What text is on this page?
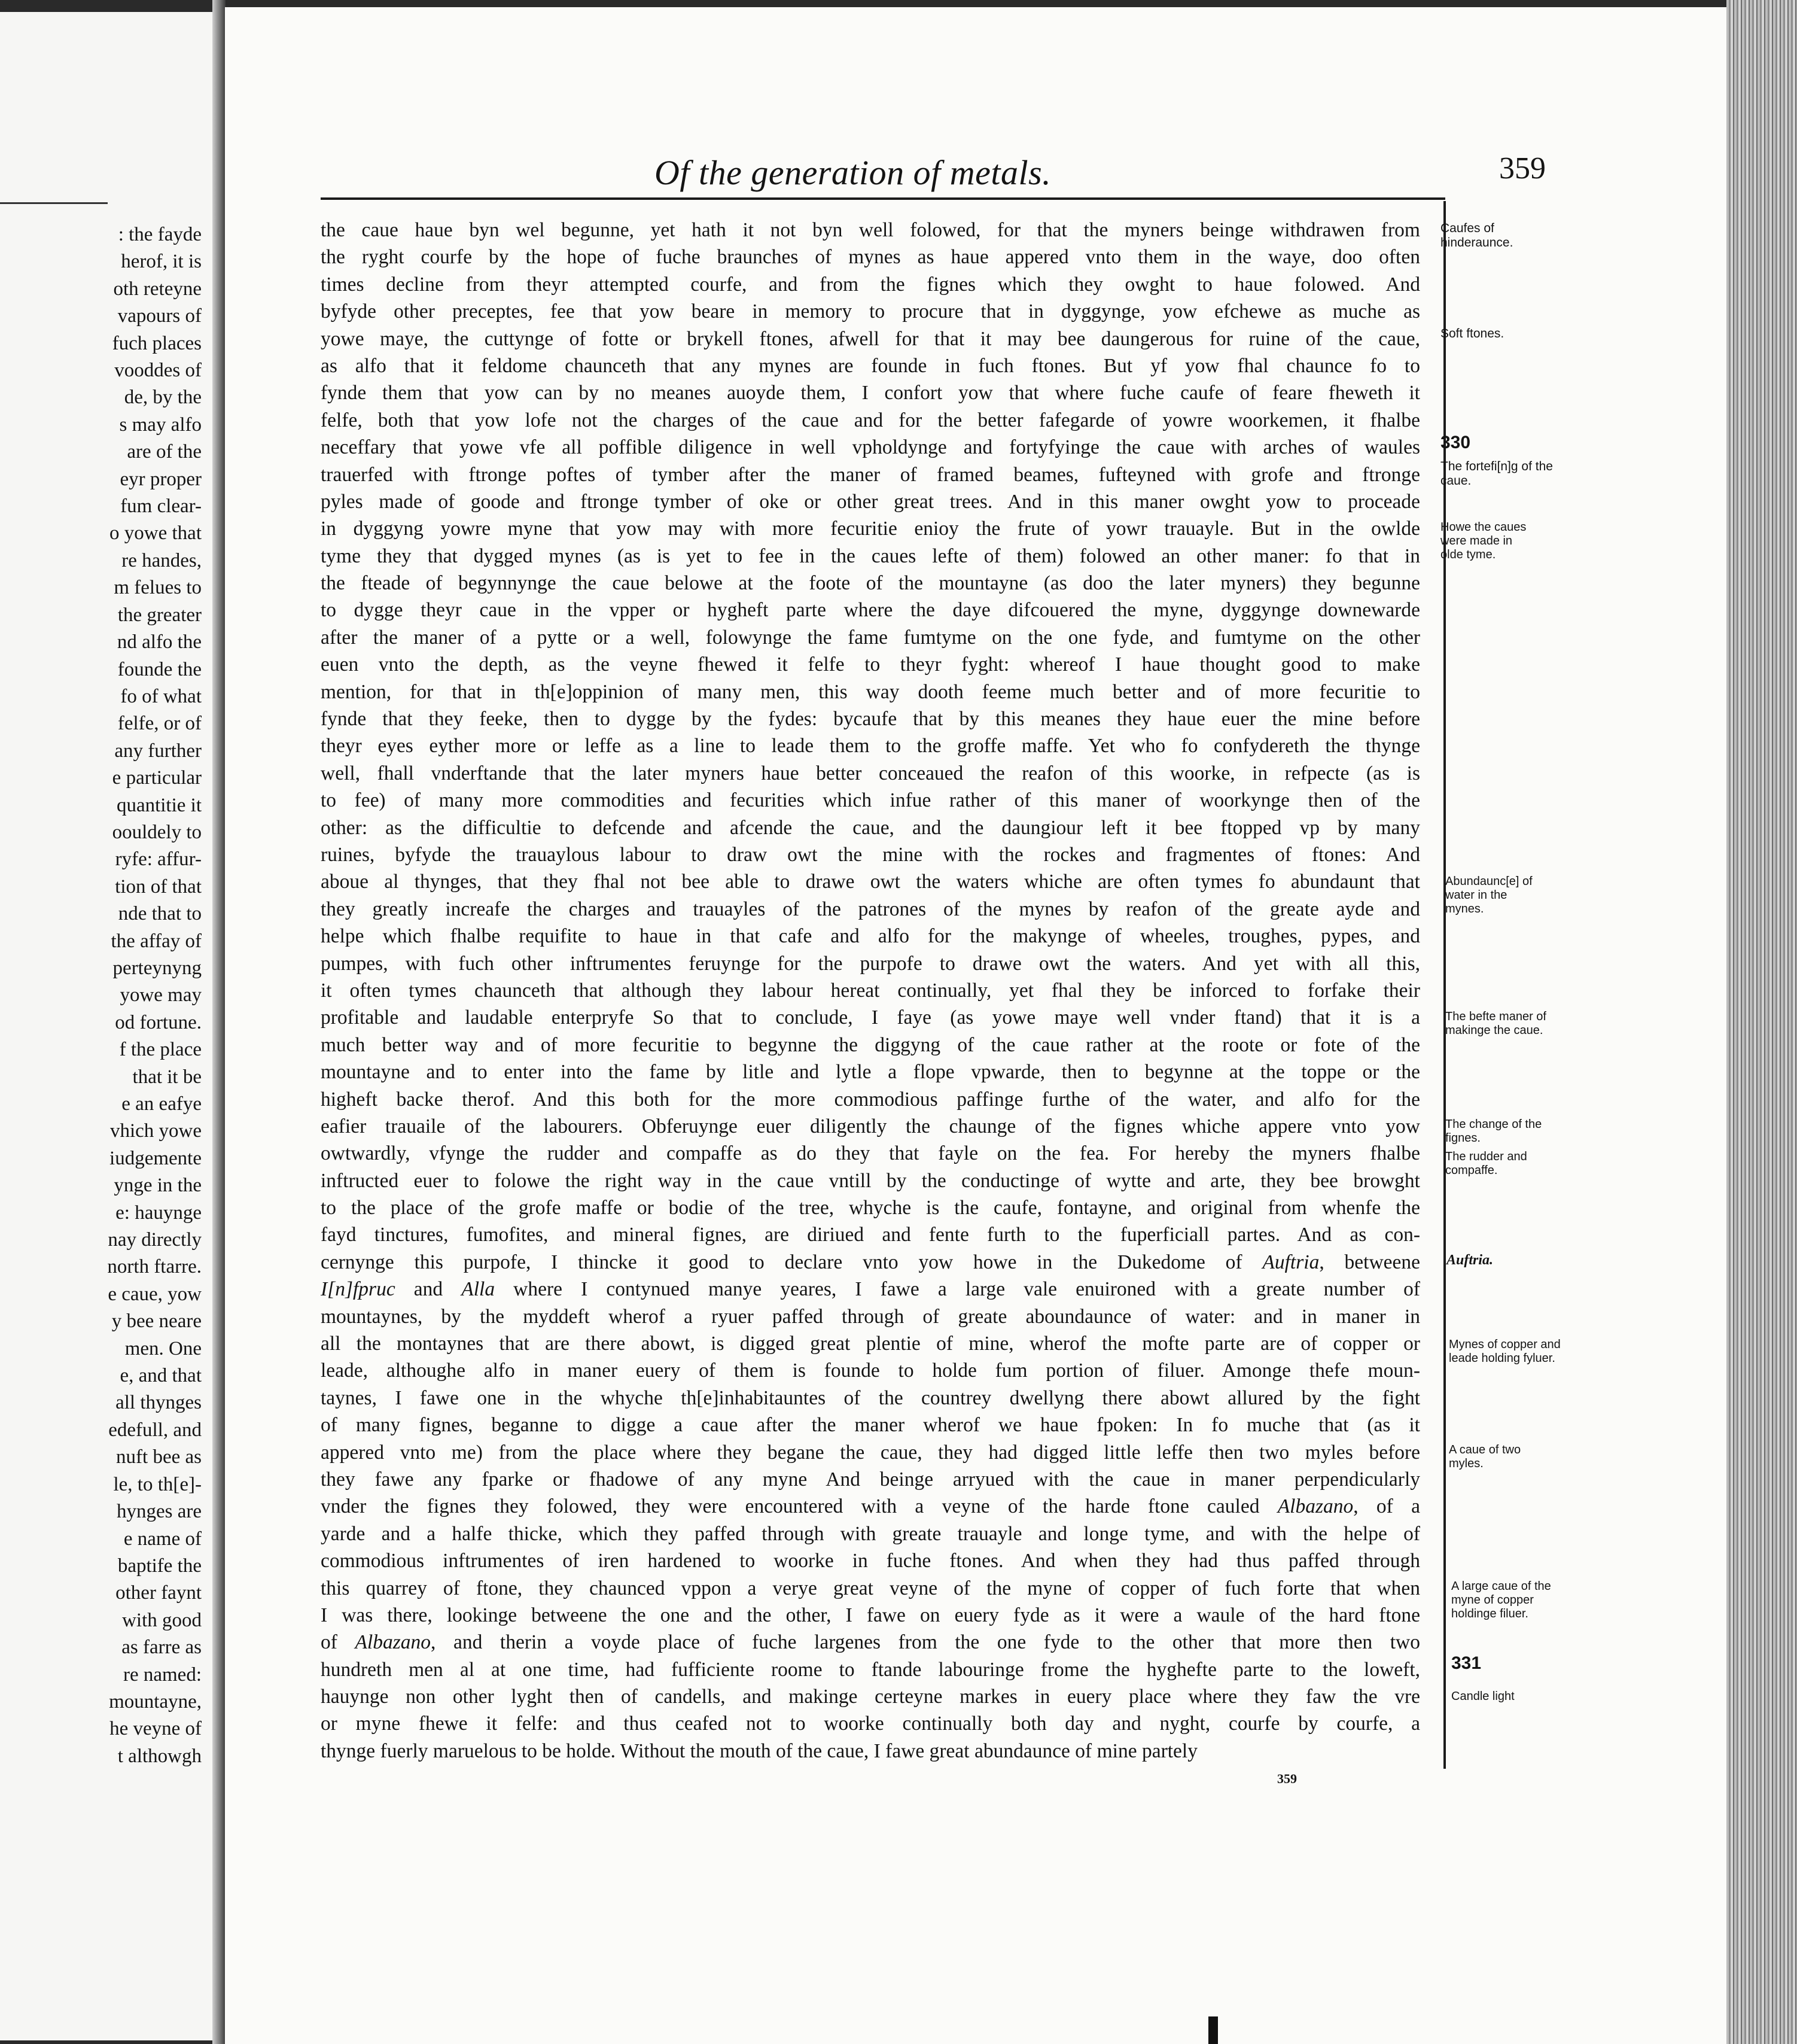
: the fayde
herof, it is
oth reteyne
vapours of
fuch places
vooddes of
de, by the
s may alfo
are of the
eyr proper
fum clear-
o yowe that
re handes,
m felues to
the greater
nd alfo the
founde the
fo of what
felfe, or of
any further
e particular
quantitie it
oouldely to
ryfe: affur-
tion of that
nde that to
the affay of
perteynyng
yowe may
od fortune.
f the place
that it be
e an eafye
vhich yowe
iudgemente
ynge in the
e: hauynge
nay directly
north ftarre.
e caue, yow
y bee neare
men. One
e, and that
all thynges
edefull, and
nuft bee as
le, to th[e]-
hynges are
e name of
baptife the
other faynt
with good
as farre as
re named:
mountayne,
he veyne of
t althowgh
Of the generation of metals.	359
the caue haue byn wel begunne, yet hath it not byn well folowed, for that the myners beinge withdrawen from
the ryght courfe by the hope of fuche braunches of mynes as haue appered vnto them in the waye, doo often
times decline from theyr attempted courfe, and from the fignes which they owght to haue folowed. And
byfyde other preceptes, fee that yow beare in memory to procure that in dyggynge, yow efchewe as muche as
yowe maye, the cuttynge of fotte or brykell ftones, afwell for that it may bee daungerous for ruine of the caue,
as alfo that it feldome chaunceth that any mynes are founde in fuch ftones. But yf yow fhal chaunce fo to
fynde them that yow can by no meanes auoyde them, I confort yow that where fuche caufe of feare fheweth it
felfe, both that yow lofe not the charges of the caue and for the better fafegarde of yowre woorkemen, it fhalbe
neceffary that yowe vfe all poffible diligence in well vpholdynge and fortyfyinge the caue with arches of waules
trauerfed with ftronge poftes of tymber after the maner of framed beames, fufteyned with grofe and ftronge
pyles made of goode and ftronge tymber of oke or other great trees. And in this maner owght yow to proceade
in dyggyng yowre myne that yow may with more fecuritie enioy the frute of yowr trauayle. But in the owlde
tyme they that dygged mynes (as is yet to fee in the caues lefte of them) folowed an other maner: fo that in
the fteade of begynnynge the caue belowe at the foote of the mountayne (as doo the later myners) they begunne
to dygge theyr caue in the vpper or hygheft parte where the daye difcouered the myne, dyggynge downewarde
after the maner of a pytte or a well, folowynge the fame fumtyme on the one fyde, and fumtyme on the other
euen vnto the depth, as the veyne fhewed it felfe to theyr fyght: whereof I haue thought good to make
mention, for that in th[e]oppinion of many men, this way dooth feeme much better and of more fecuritie to
fynde that they feeke, then to dygge by the fydes: bycaufe that by this meanes they haue euer the mine before
theyr eyes eyther more or leffe as a line to leade them to the groffe maffe. Yet who fo confydereth the thynge
well, fhall vnderftande that the later myners haue better conceaued the reafon of this woorke, in refpecte (as is
to fee) of many more commodities and fecurities which infue rather of this maner of woorkynge then of the
other: as the difficultie to defcende and afcende the caue, and the daungiour left it bee ftopped vp by many
ruines, byfyde the trauaylous labour to draw owt the mine with the rockes and fragmentes of ftones: And
aboue al thynges, that they fhal not bee able to drawe owt the waters whiche are often tymes fo abundaunt that
they greatly increafe the charges and trauayles of the patrones of the mynes by reafon of the greate ayde and
helpe which fhalbe requifite to haue in that cafe and alfo for the makynge of wheeles, troughes, pypes, and
pumpes, with fuch other inftrumentes feruynge for the purpofe to drawe owt the waters. And yet with all this,
it often tymes chaunceth that although they labour hereat continually, yet fhal they be inforced to forfake their
profitable and laudable enterpryfe So that to conclude, I faye (as yowe maye well vnder ftand) that it is a
much better way and of more fecuritie to begynne the diggyng of the caue rather at the roote or fote of the
mountayne and to enter into the fame by litle and lytle a flope vpwarde, then to begynne at the toppe or the
higheft backe therof. And this both for the more commodious paffinge furthe of the water, and alfo for the
eafier trauaile of the labourers. Obferuynge euer diligently the chaunge of the fignes whiche appere vnto yow
owtwardly, vfynge the rudder and compaffe as do they that fayle on the fea. For hereby the myners fhalbe
inftructed euer to folowe the right way in the caue vntill by the conductinge of wytte and arte, they bee browght
to the place of the grofe maffe or bodie of the tree, whyche is the caufe, fontayne, and original from whenfe the
fayd tinctures, fumofites, and mineral fignes, are diriued and fente furth to the fuperficiall partes. And as con-
cernynge this purpofe, I thincke it good to declare vnto yow howe in the Dukedome of Auftria, betweene
I[n]fpruc and Alla where I contynued manye yeares, I fawe a large vale enuironed with a greate number of
mountaynes, by the myddeft wherof a ryuer paffed through of greate aboundaunce of water: and in maner in
all the montaynes that are there abowt, is digged great plentie of mine, wherof the mofte parte are of copper or
leade, althoughe alfo in maner euery of them is founde to holde fum portion of filuer. Amonge thefe moun-
taynes, I fawe one in the whyche th[e]inhabitauntes of the countrey dwellyng there abowt allured by the fight
of many fignes, beganne to digge a caue after the maner wherof we haue fpoken: In fo muche that (as it
appered vnto me) from the place where they begane the caue, they had digged little leffe then two myles before
they fawe any fparke or fhadowe of any myne And beinge arryued with the caue in maner perpendicularly
vnder the fignes they folowed, they were encountered with a veyne of the harde ftone cauled Albazano, of a
yarde and a halfe thicke, which they paffed through with greate trauayle and longe tyme, and with the helpe of
commodious inftrumentes of iren hardened to woorke in fuche ftones. And when they had thus paffed through
this quarrey of ftone, they chaunced vppon a verye great veyne of the myne of copper of fuch forte that when
I was there, lookinge betweene the one and the other, I fawe on euery fyde as it were a waule of the hard ftone
of Albazano, and therin a voyde place of fuche largenes from the one fyde to the other that more then two
hundreth men al at one time, had fufficiente roome to ftande labouringe frome the hyghefte parte to the loweft,
hauynge non other lyght then of candells, and makinge certeyne markes in euery place where they faw the vre
or myne fhewe it felfe: and thus ceafed not to woorke continually both day and nyght, courfe by courfe, a
thynge fuerly maruelous to be holde. Without the mouth of the caue, I fawe great abundaunce of mine partely
Caufes of hinderaunce.
Soft ftones.
330
The fortefi[n]g of the caue.
Howe the caues were made in olde tyme.
Abundaunc[e] of water in the mynes.
The befte maner of makinge the caue.
The change of the fignes.
The rudder and compaffe.
Auftria.
Mynes of copper and leade holding fyluer.
A caue of two myles.
A large caue of the myne of copper holdinge filuer.
331
Candle light
359
